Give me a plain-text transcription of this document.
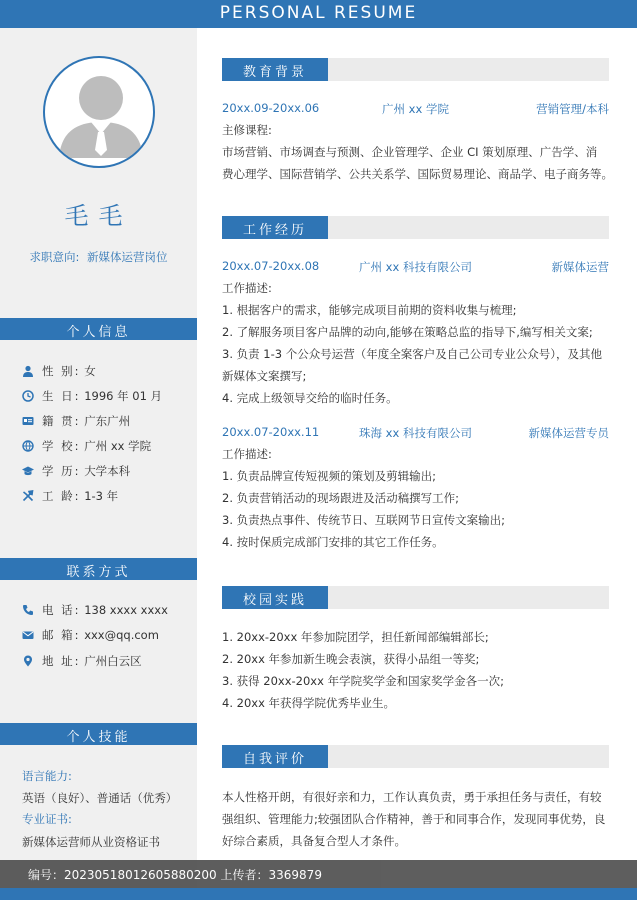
PERSONAL RESUME
毛毛
求职意向: 新媒体运营岗位
个人信息
性 别: 女
生 日: 1996 年 01 月
籍 贯: 广东广州
学 校: 广州 xx 学院
学 历: 大学本科
工 龄: 1-3 年
联系方式
电 话: 138 xxxx xxxx
邮 箱: xxx@qq.com
地 址: 广州白云区
个人技能
语言能力:
英语（良好）、普通话（优秀）
专业证书:
新媒体运营师从业资格证书
教育背景
20xx.09-20xx.06	广州 xx 学院	营销管理/本科

主修课程:

市场营销、市场调查与预测、企业管理学、企业 CI 策划原理、广告学、消

费心理学、国际营销学、公共关系学、国际贸易理论、商品学、电子商务等。

工作经历
20xx.07-20xx.08	广州 xx 科技有限公司	新媒体运营

工作描述:

1. 根据客户的需求，能够完成项目前期的资料收集与梳理;

2. 了解服务项目客户品牌的动向,能够在策略总监的指导下,编写相关文案;

3. 负责 1-3 个公众号运营（年度全案客户及自己公司专业公众号），及其他

新媒体文案撰写;

4. 完成上级领导交给的临时任务。

20xx.07-20xx.11	珠海 xx 科技有限公司	新媒体运营专员

工作描述:

1. 负责品牌宣传短视频的策划及剪辑输出;

2. 负责营销活动的现场跟进及活动稿撰写工作;

3. 负责热点事件、传统节日、互联网节日宣传文案输出;

4. 按时保质完成部门安排的其它工作任务。

校园实践

1. 20xx-20xx 年参加院团学，担任新闻部编辑部长;

2. 20xx 年参加新生晚会表演，获得小品组一等奖;

3. 获得 20xx-20xx 年学院奖学金和国家奖学金各一次;

4. 20xx 年获得学院优秀毕业生。

自我评价
本人性格开朗，有很好亲和力，工作认真负责，勇于承担任务与责任，有较强组织、管理能力;较强团队合作精神，善于和同事合作，发现同事优势，良好综合素质，具备复合型人才条件。
编号：20230518012605880200 上传者：3369879
